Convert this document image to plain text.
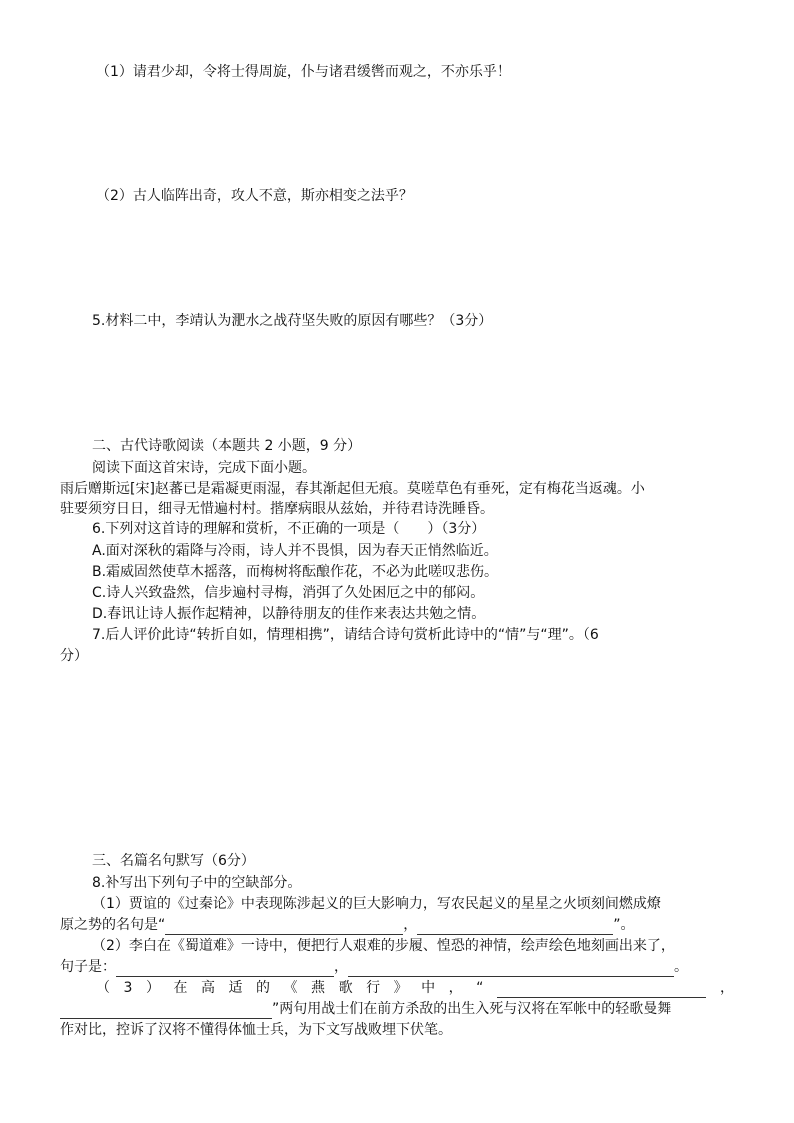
（1）请君少却，令将士得周旋，仆与诸君缓辔而观之，不亦乐乎！
（2）古人临阵出奇，攻人不意，斯亦相变之法乎？
5.材料二中，李靖认为淝水之战苻坚失败的原因有哪些？（3分）
二、古代诗歌阅读（本题共 2 小题，9 分）
阅读下面这首宋诗，完成下面小题。
雨后赠斯远[宋]赵蕃已是霜凝更雨湿，春其渐起但无痕。莫嗟草色有垂死，定有梅花当返魂。小
驻要须穷日日，细寻无惜遍村村。揩摩病眼从兹始，并待君诗洗睡昏。
6.下列对这首诗的理解和赏析，不正确的一项是（　　）（3分）
A.面对深秋的霜降与冷雨，诗人并不畏惧，因为春天正悄然临近。
B.霜威固然使草木摇落，而梅树将酝酿作花，不必为此嗟叹悲伤。
C.诗人兴致盎然，信步遍村寻梅，消弭了久处困厄之中的郁闷。
D.春讯让诗人振作起精神，以静待朋友的佳作来表达共勉之情。
7.后人评价此诗“转折自如，情理相携”，请结合诗句赏析此诗中的“情”与“理”。（6
分）
三、名篇名句默写（6分）
8.补写出下列句子中的空缺部分。
（1）贾谊的《过秦论》中表现陈涉起义的巨大影响力，写农民起义的星星之火顷刻间燃成燎
原之势的名句是“	，	”。
（2）李白在《蜀道难》一诗中，便把行人艰难的步履、惶恐的神情，绘声绘色地刻画出来了，
句子是：	，	。
（ 3 ） 在 高 适 的 《 燕 歌 行 》 中 ， “	，
”两句用战士们在前方杀敌的出生入死与汉将在军帐中的轻歌曼舞
作对比，控诉了汉将不懂得体恤士兵，为下文写战败埋下伏笔。
